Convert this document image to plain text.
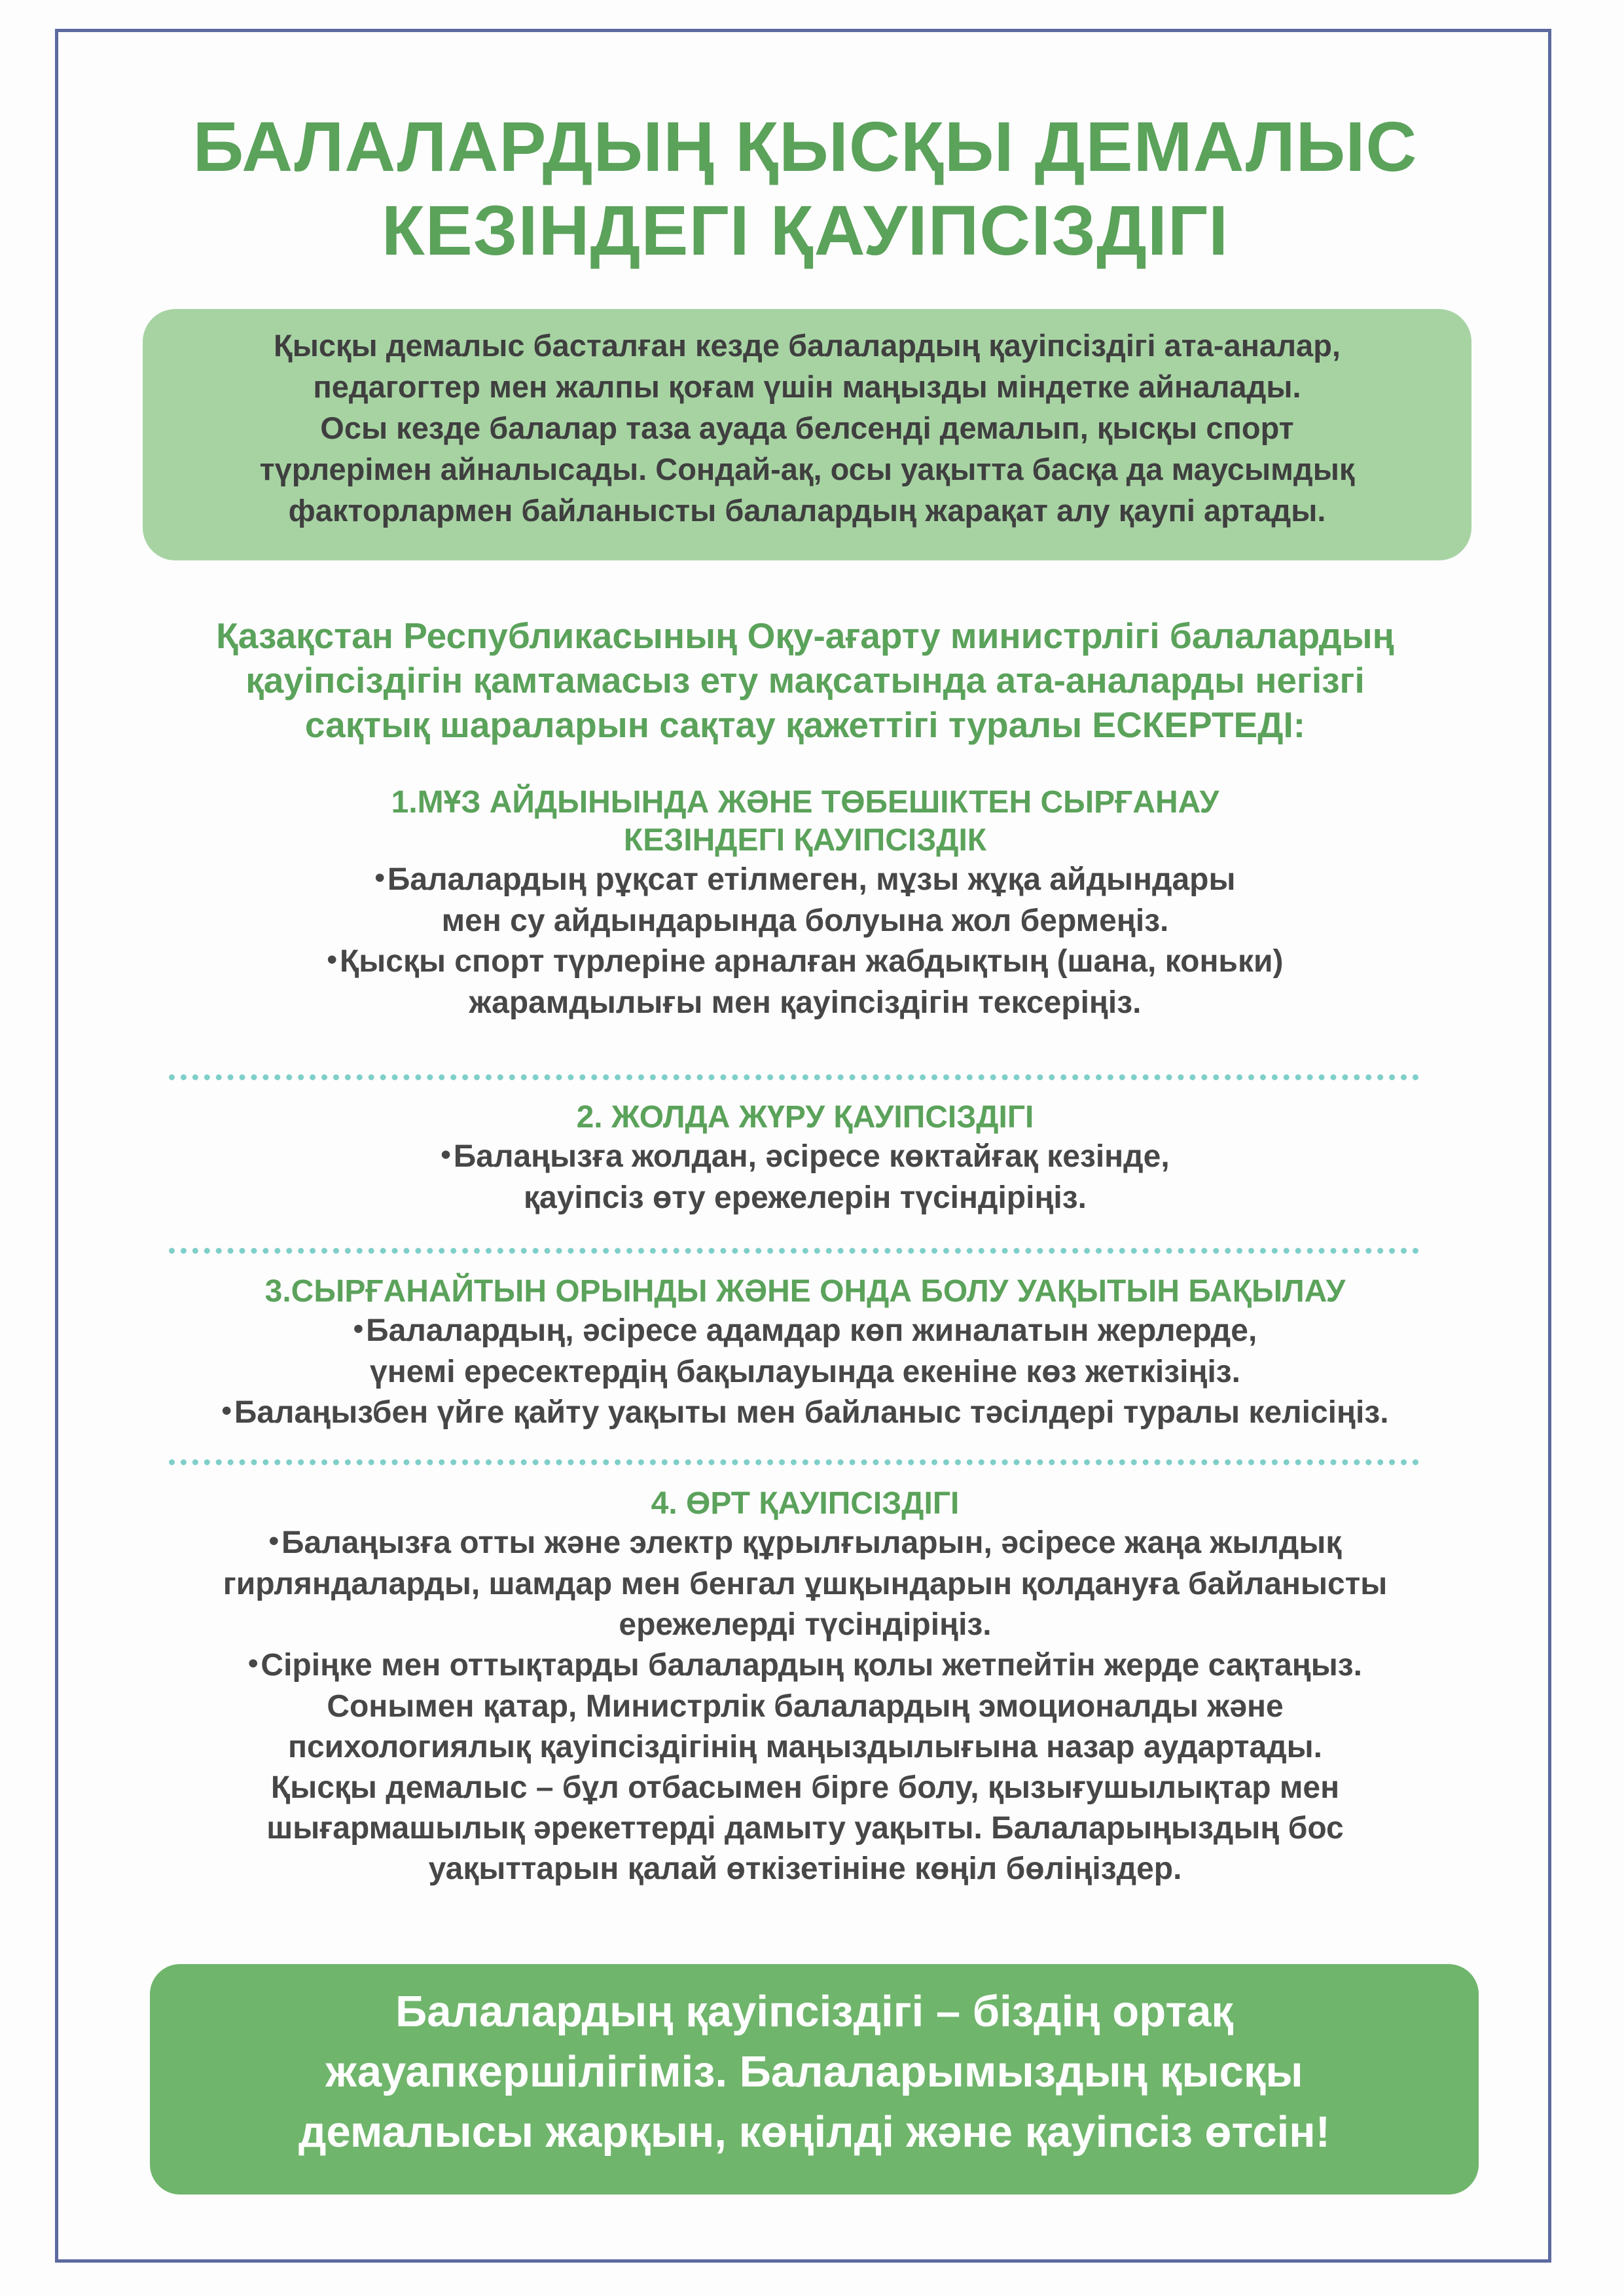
БАЛАЛАРДЫҢ ҚЫСҚЫ ДЕМАЛЫС
КЕЗІНДЕГІ ҚАУІПСІЗДІГІ
Қысқы демалыс басталған кезде балалардың қауіпсіздігі ата-аналар,
педагогтер мен жалпы қоғам үшін маңызды міндетке айналады.
Осы кезде балалар таза ауада белсенді демалып, қысқы спорт
түрлерімен айналысады. Сондай-ақ, осы уақытта басқа да маусымдық
факторлармен байланысты балалардың жарақат алу қаупі артады.
Қазақстан Республикасының Оқу-ағарту министрлігі балалардың
қауіпсіздігін қамтамасыз ету мақсатында ата-аналарды негізгі
сақтық шараларын сақтау қажеттігі туралы ЕСКЕРТЕДІ:
1.МҰЗ АЙДЫНЫНДА ЖӘНЕ ТӨБЕШІКТЕН СЫРҒАНАУ
КЕЗІНДЕГІ ҚАУІПСІЗДІК
•Балалардың рұқсат етілмеген, мұзы жұқа айдындары
мен су айдындарында болуына жол бермеңіз.
•Қысқы спорт түрлеріне арналған жабдықтың (шана, коньки)
жарамдылығы мен қауіпсіздігін тексеріңіз.
2. ЖОЛДА ЖҮРУ ҚАУІПСІЗДІГІ
•Балаңызға жолдан, әсіресе көктайғақ кезінде,
қауіпсіз өту ережелерін түсіндіріңіз.
3.СЫРҒАНАЙТЫН ОРЫНДЫ ЖӘНЕ ОНДА БОЛУ УАҚЫТЫН БАҚЫЛАУ
•Балалардың, әсіресе адамдар көп жиналатын жерлерде,
үнемі ересектердің бақылауында екеніне көз жеткізіңіз.
•Балаңызбен үйге қайту уақыты мен байланыс тәсілдері туралы келісіңіз.
4. ӨРТ ҚАУІПСІЗДІГІ
•Балаңызға отты және электр құрылғыларын, әсіресе жаңа жылдық
гирляндаларды, шамдар мен бенгал ұшқындарын қолдануға байланысты
ережелерді түсіндіріңіз.
•Сіріңке мен оттықтарды балалардың қолы жетпейтін жерде сақтаңыз.
Сонымен қатар, Министрлік балалардың эмоционалды және
психологиялық қауіпсіздігінің маңыздылығына назар аудартады.
Қысқы демалыс – бұл отбасымен бірге болу, қызығушылықтар мен
шығармашылық әрекеттерді дамыту уақыты. Балаларыңыздың бос
уақыттарын қалай өткізетініне көңіл бөліңіздер.
Балалардың қауіпсіздігі – біздің ортақ
жауапкершілігіміз. Балаларымыздың қысқы
демалысы жарқын, көңілді және қауіпсіз өтсін!
